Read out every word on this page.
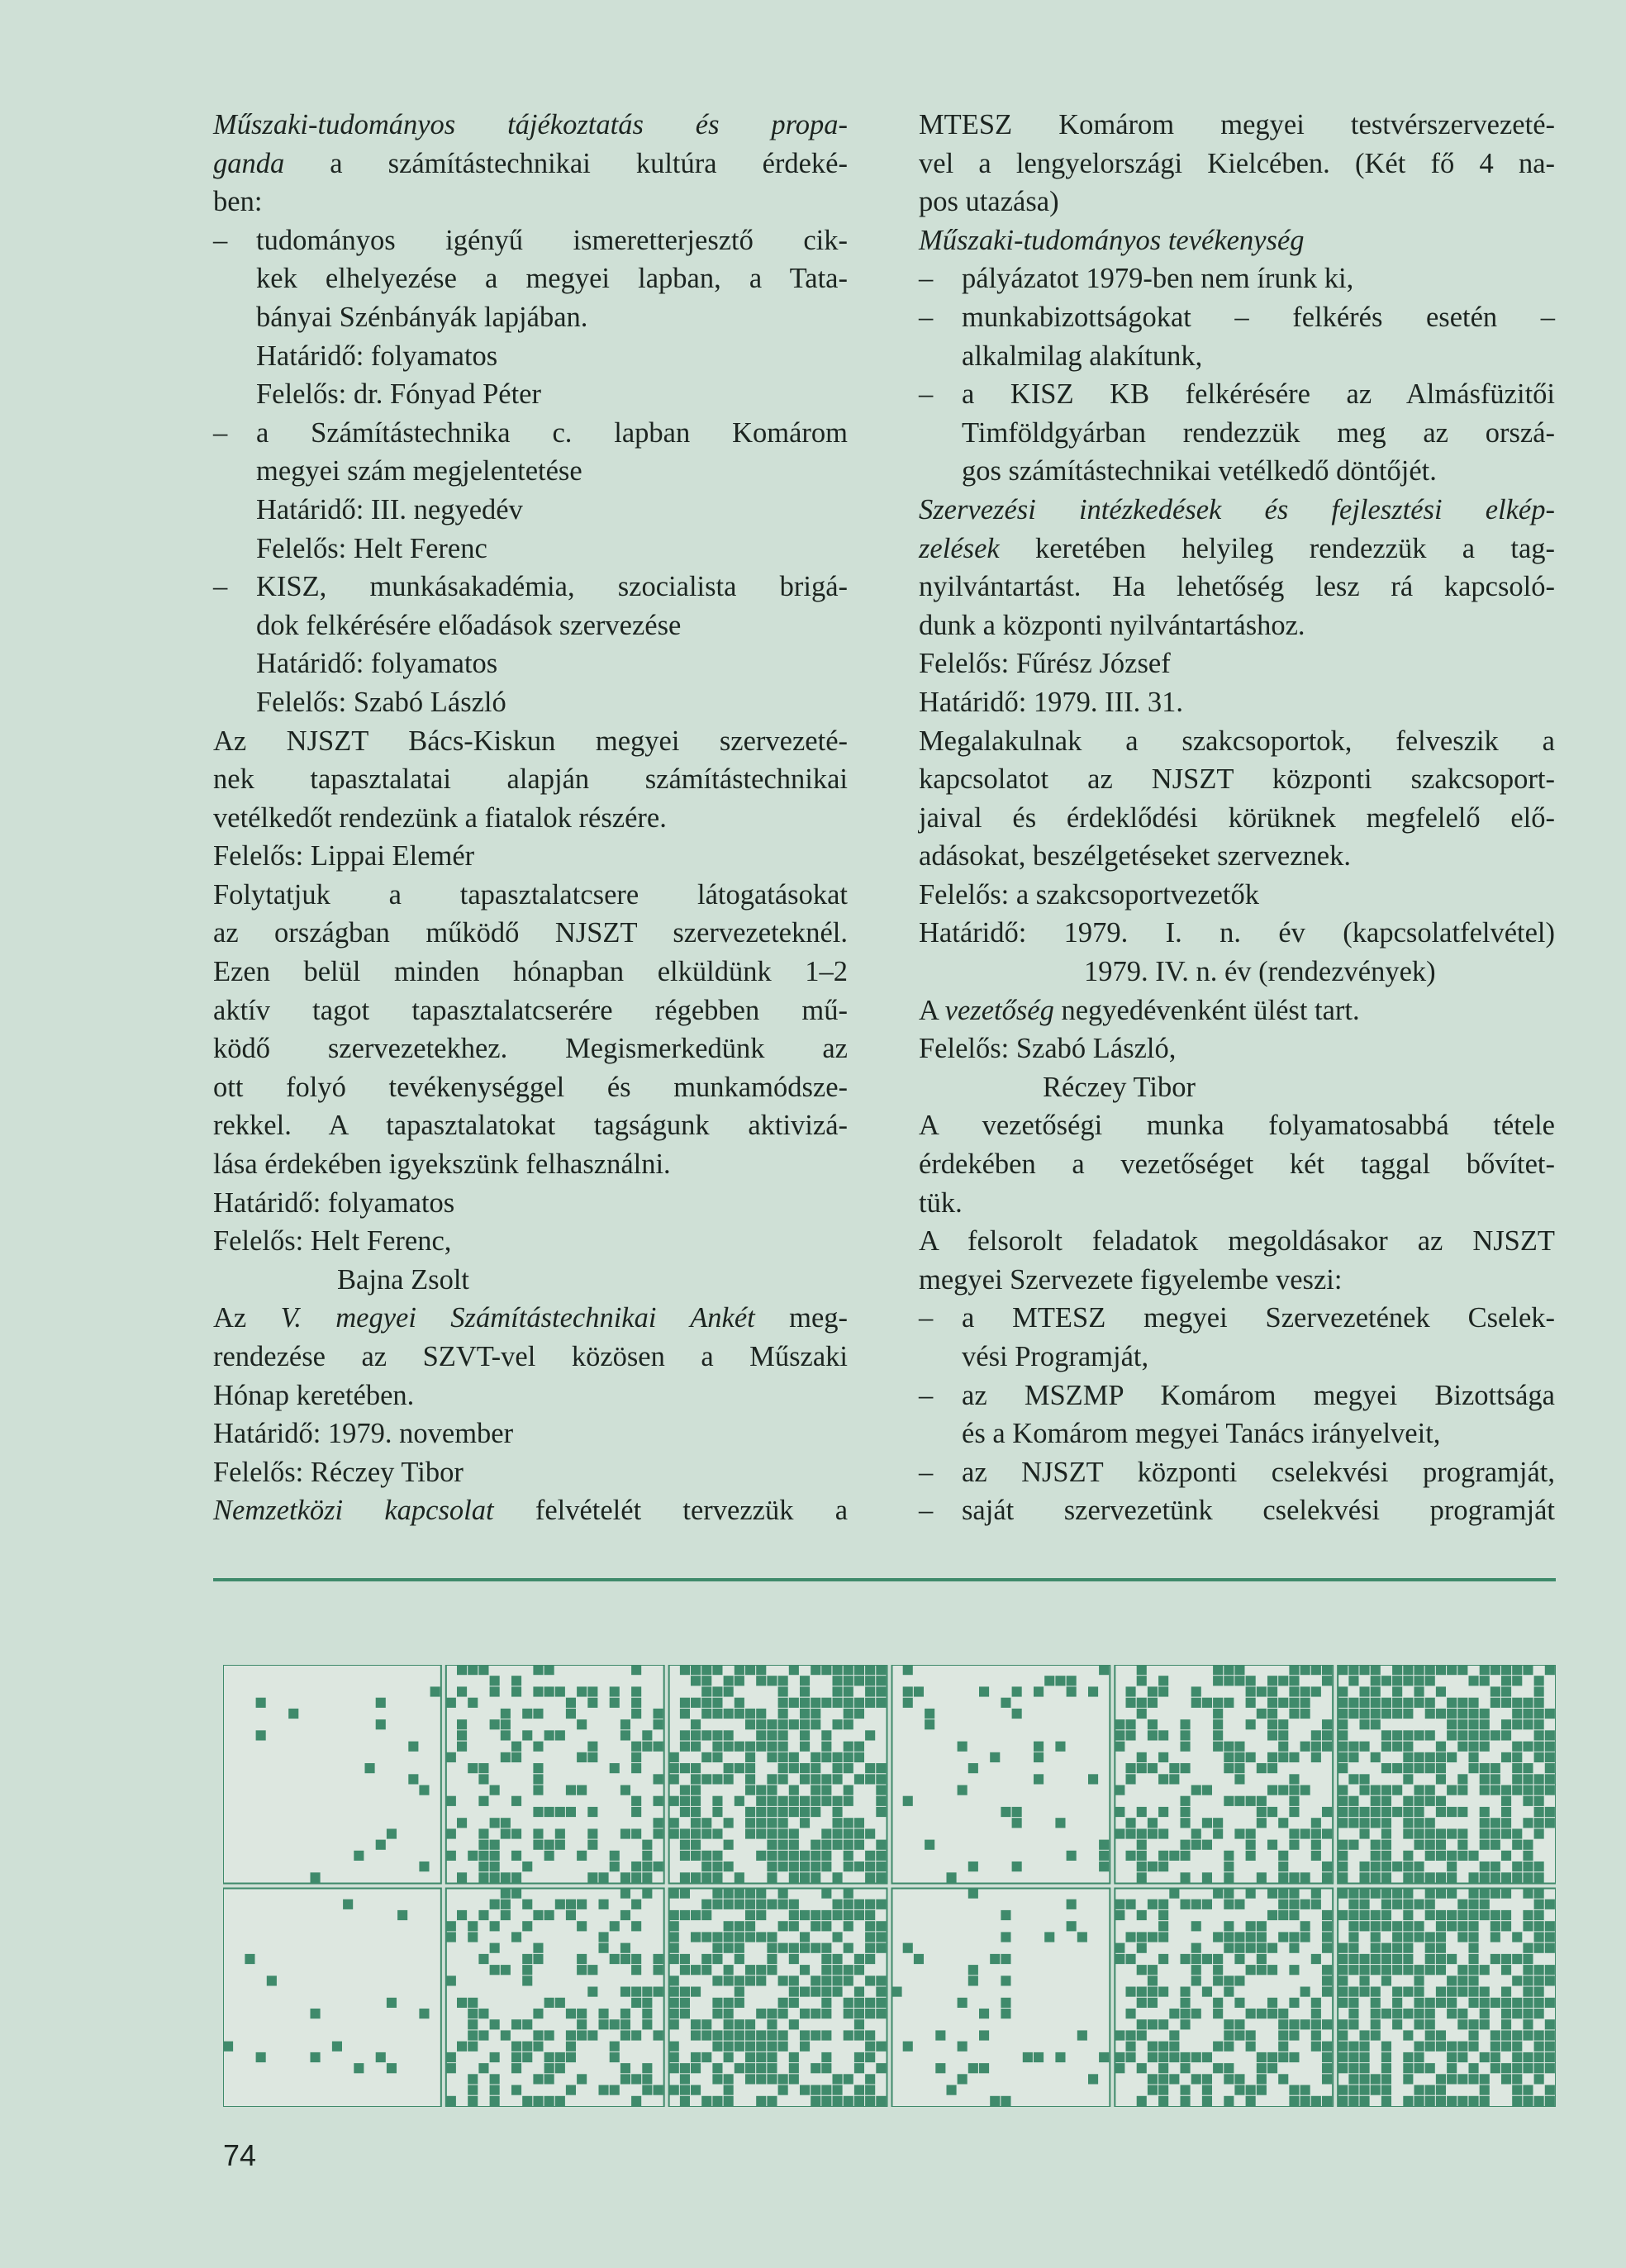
Műszaki-tudományos tájékoztatás és propa-
ganda a számítástechnikai kultúra érdeké-
ben:
– tudományos igényű ismeretterjesztő cik-
kek elhelyezése a megyei lapban, a Tata-
bányai Szénbányák lapjában.
Határidő: folyamatos
Felelős: dr. Fónyad Péter
– a Számítástechnika c. lapban Komárom
megyei szám megjelentetése
Határidő: III. negyedév
Felelős: Helt Ferenc
– KISZ, munkásakadémia, szocialista brigá-
dok felkérésére előadások szervezése
Határidő: folyamatos
Felelős: Szabó László
Az NJSZT Bács-Kiskun megyei szervezeté-
nek tapasztalatai alapján számítástechnikai
vetélkedőt rendezünk a fiatalok részére.
Felelős: Lippai Elemér
Folytatjuk a tapasztalatcsere látogatásokat
az országban működő NJSZT szervezeteknél.
Ezen belül minden hónapban elküldünk 1–2
aktív tagot tapasztalatcserére régebben mű-
ködő szervezetekhez. Megismerkedünk az
ott folyó tevékenységgel és munkamódsze-
rekkel. A tapasztalatokat tagságunk aktivizá-
lása érdekében igyekszünk felhasználni.
Határidő: folyamatos
Felelős: Helt Ferenc,
Bajna Zsolt
Az V. megyei Számítástechnikai Ankét meg-
rendezése az SZVT-vel közösen a Műszaki
Hónap keretében.
Határidő: 1979. november
Felelős: Réczey Tibor
Nemzetközi kapcsolat felvételét tervezzük a
MTESZ Komárom megyei testvérszervezeté-
vel a lengyelországi Kielcében. (Két fő 4 na-
pos utazása)
Műszaki-tudományos tevékenység
– pályázatot 1979-ben nem írunk ki,
– munkabizottságokat – felkérés esetén –
alkalmilag alakítunk,
– a KISZ KB felkérésére az Almásfüzitői
Timföldgyárban rendezzük meg az orszá-
gos számítástechnikai vetélkedő döntőjét.
Szervezési intézkedések és fejlesztési elkép-
zelések keretében helyileg rendezzük a tag-
nyilvántartást. Ha lehetőség lesz rá kapcsoló-
dunk a központi nyilvántartáshoz.
Felelős: Fűrész József
Határidő: 1979. III. 31.
Megalakulnak a szakcsoportok, felveszik a
kapcsolatot az NJSZT központi szakcsoport-
jaival és érdeklődési körüknek megfelelő elő-
adásokat, beszélgetéseket szerveznek.
Felelős: a szakcsoportvezetők
Határidő: 1979. I. n. év (kapcsolatfelvétel)
1979. IV. n. év (rendezvények)
A vezetőség negyedévenként ülést tart.
Felelős: Szabó László,
Réczey Tibor
A vezetőségi munka folyamatosabbá tétele
érdekében a vezetőséget két taggal bővítet-
tük.
A felsorolt feladatok megoldásakor az NJSZT
megyei Szervezete figyelembe veszi:
– a MTESZ megyei Szervezetének Cselek-
vési Programját,
– az MSZMP Komárom megyei Bizottsága
és a Komárom megyei Tanács irányelveit,
– az NJSZT központi cselekvési programját,
– saját szervezetünk cselekvési programját
74
